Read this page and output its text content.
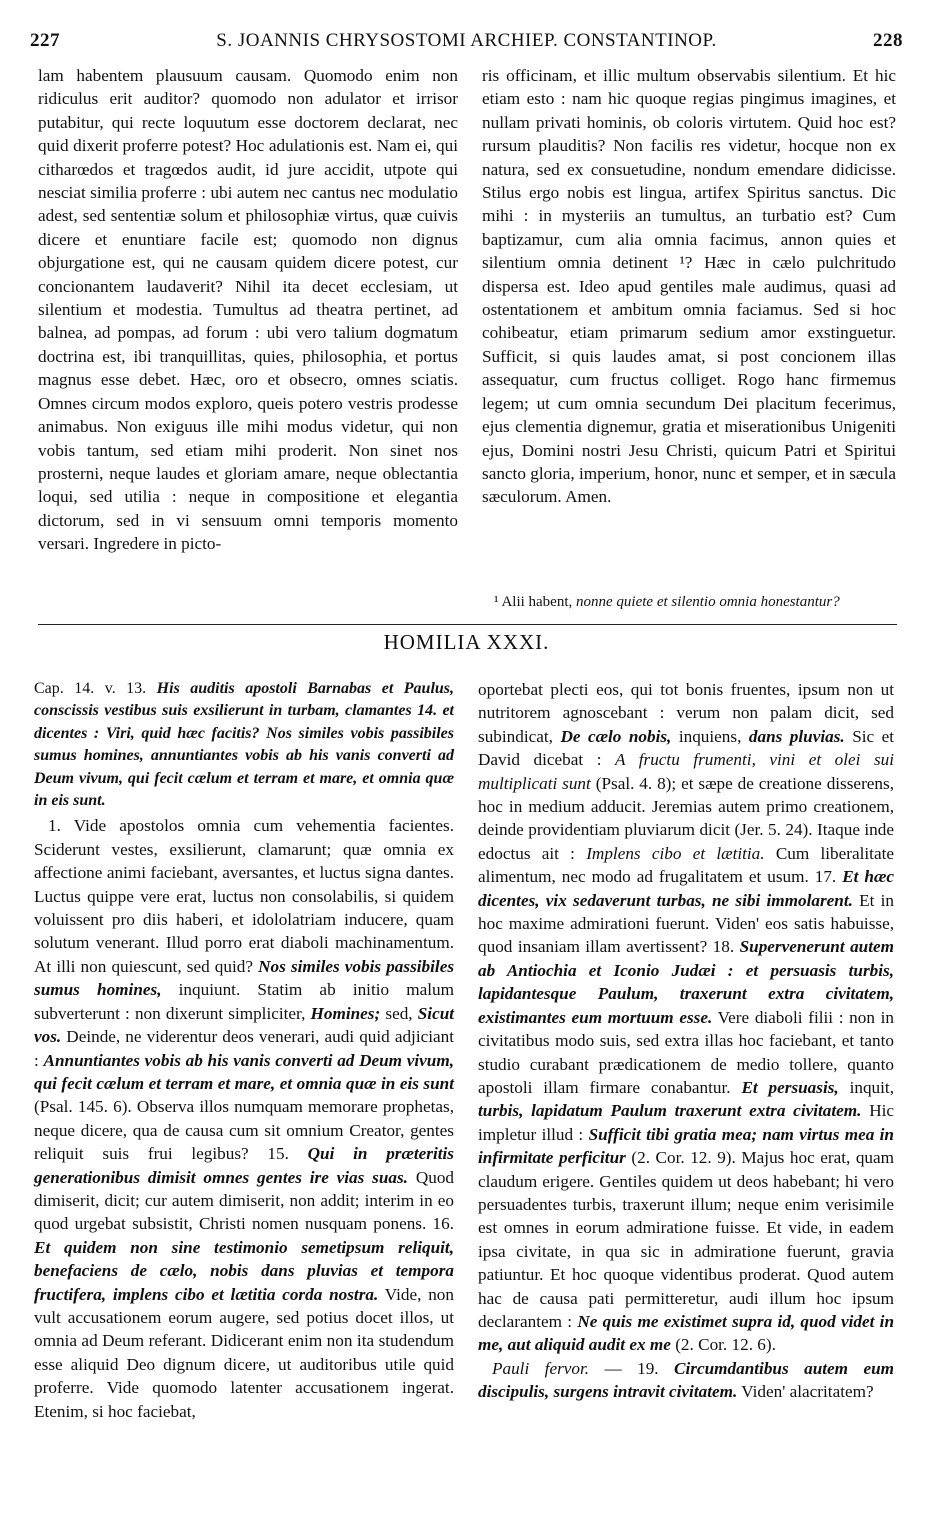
227	S. JOANNIS CHRYSOSTOMI ARCHIEP. CONSTANTINOP.	228

lam habentem plausuum causam. Quomodo enim non ridiculus erit auditor? quomodo non adulator et irrisor putabitur, qui recte loquutum esse doctorem declarat, nec quid dixerit proferre potest? Hoc adulationis est. Nam ei, qui citharœdos et tragœdos audit, id jure accidit, utpote qui nesciat similia proferre : ubi autem nec cantus nec modulatio adest, sed sententiæ solum et philosophiæ virtus, quæ cuivis dicere et enuntiare facile est; quomodo non dignus objurgatione est, qui ne causam quidem dicere potest, cur concionantem laudaverit? Nihil ita decet ecclesiam, ut silentium et modestia. Tumultus ad theatra pertinet, ad balnea, ad pompas, ad forum : ubi vero talium dogmatum doctrina est, ibi tranquillitas, quies, philosophia, et portus magnus esse debet. Hæc, oro et obsecro, omnes sciatis. Omnes circum modos exploro, queis potero vestris prodesse animabus. Non exiguus ille mihi modus videtur, qui non vobis tantum, sed etiam mihi proderit. Non sinet nos prosterni, neque laudes et gloriam amare, neque oblectantia loqui, sed utilia : neque in compositione et elegantia dictorum, sed in vi sensuum omni temporis momento versari. Ingredere in picto-

ris officinam, et illic multum observabis silentium. Et hic etiam esto : nam hic quoque regias pingimus imagines, et nullam privati hominis, ob coloris virtutem. Quid hoc est? rursum plauditis? Non facilis res videtur, hocque non ex natura, sed ex consuetudine, nondum emendare didicisse. Stilus ergo nobis est lingua, artifex Spiritus sanctus. Dic mihi : in mysteriis an tumultus, an turbatio est? Cum baptizamur, cum alia omnia facimus, annon quies et silentium omnia detinent ¹? Hæc in cælo pulchritudo dispersa est. Ideo apud gentiles male audimus, quasi ad ostentationem et ambitum omnia faciamus. Sed si hoc cohibeatur, etiam primarum sedium amor exstinguetur. Sufficit, si quis laudes amat, si post concionem illas assequatur, cum fructus colliget. Rogo hanc firmemus legem; ut cum omnia secundum Dei placitum fecerimus, ejus clementia dignemur, gratia et miserationibus Unigeniti ejus, Domini nostri Jesu Christi, quicum Patri et Spiritui sancto gloria, imperium, honor, nunc et semper, et in sæcula sæculorum. Amen.

¹ Alii habent, nonne quiete et silentio omnia honestantur?
HOMILIA XXXI.

Cap. 14. v. 13. His auditis apostoli Barnabas et Paulus, conscissis vestibus suis exsilierunt in turbam, clamantes 14. et dicentes : Viri, quid hæc facitis? Nos similes vobis passibiles sumus homines, annuntiantes vobis ab his vanis converti ad Deum vivum, qui fecit cælum et terram et mare, et omnia quæ in eis sunt.

1. Vide apostolos omnia cum vehementia facientes. Sciderunt vestes, exsilierunt, clamarunt; quæ omnia ex affectione animi faciebant, aversantes, et luctus signa dantes. Luctus quippe vere erat, luctus non consolabilis, si quidem voluissent pro diis haberi, et idololatriam inducere, quam solutum venerant. Illud porro erat diaboli machinamentum. At illi non quiescunt, sed quid? Nos similes vobis passibiles sumus homines, inquiunt. Statim ab initio malum subverterunt : non dixerunt simpliciter, Homines; sed, Sicut vos. Deinde, ne viderentur deos venerari, audi quid adjiciant : Annuntiantes vobis ab his vanis converti ad Deum vivum, qui fecit cælum et terram et mare, et omnia quæ in eis sunt (Psal. 145. 6). Observa illos numquam memorare prophetas, neque dicere, qua de causa cum sit omnium Creator, gentes reliquit suis frui legibus? 15. Qui in præteritis generationibus dimisit omnes gentes ire vias suas. Quod dimiserit, dicit; cur autem dimiserit, non addit; interim in eo quod urgebat subsistit, Christi nomen nusquam ponens. 16. Et quidem non sine testimonio semetipsum reliquit, benefaciens de cælo, nobis dans pluvias et tempora fructifera, implens cibo et lætitia corda nostra. Vide, non vult accusationem eorum augere, sed potius docet illos, ut omnia ad Deum referant. Didicerant enim non ita studendum esse aliquid Deo dignum dicere, ut auditoribus utile quid proferre. Vide quomodo latenter accusationem ingerat. Etenim, si hoc faciebat,

oportebat plecti eos, qui tot bonis fruentes, ipsum non ut nutritorem agnoscebant : verum non palam dicit, sed subindicat, De cælo nobis, inquiens, dans pluvias. Sic et David dicebat : A fructu frumenti, vini et olei sui multiplicati sunt (Psal. 4. 8); et sæpe de creatione disserens, hoc in medium adducit. Jeremias autem primo creationem, deinde providentiam pluviarum dicit (Jer. 5. 24). Itaque inde edoctus ait : Implens cibo et lætitia. Cum liberalitate alimentum, nec modo ad frugalitatem et usum. 17. Et hæc dicentes, vix sedaverunt turbas, ne sibi immolarent. Et in hoc maxime admirationi fuerunt. Viden' eos satis habuisse, quod insaniam illam avertissent? 18. Supervenerunt autem ab Antiochia et Iconio Judæi : et persuasis turbis, lapidantesque Paulum, traxerunt extra civitatem, existimantes eum mortuum esse. Vere diaboli filii : non in civitatibus modo suis, sed extra illas hoc faciebant, et tanto studio curabant prædicationem de medio tollere, quanto apostoli illam firmare conabantur. Et persuasis, inquit, turbis, lapidatum Paulum traxerunt extra civitatem. Hic impletur illud : Sufficit tibi gratia mea; nam virtus mea in infirmitate perficitur (2. Cor. 12. 9). Majus hoc erat, quam claudum erigere. Gentiles quidem ut deos habebant; hi vero persuadentes turbis, traxerunt illum; neque enim verisimile est omnes in eorum admiratione fuisse. Et vide, in eadem ipsa civitate, in qua sic in admiratione fuerunt, gravia patiuntur. Et hoc quoque videntibus proderat. Quod autem hac de causa pati permitteretur, audi illum hoc ipsum declarantem : Ne quis me existimet supra id, quod videt in me, aut aliquid audit ex me (2. Cor. 12. 6).

Pauli fervor. — 19. Circumdantibus autem eum discipulis, surgens intravit civitatem. Viden' alacritatem?
